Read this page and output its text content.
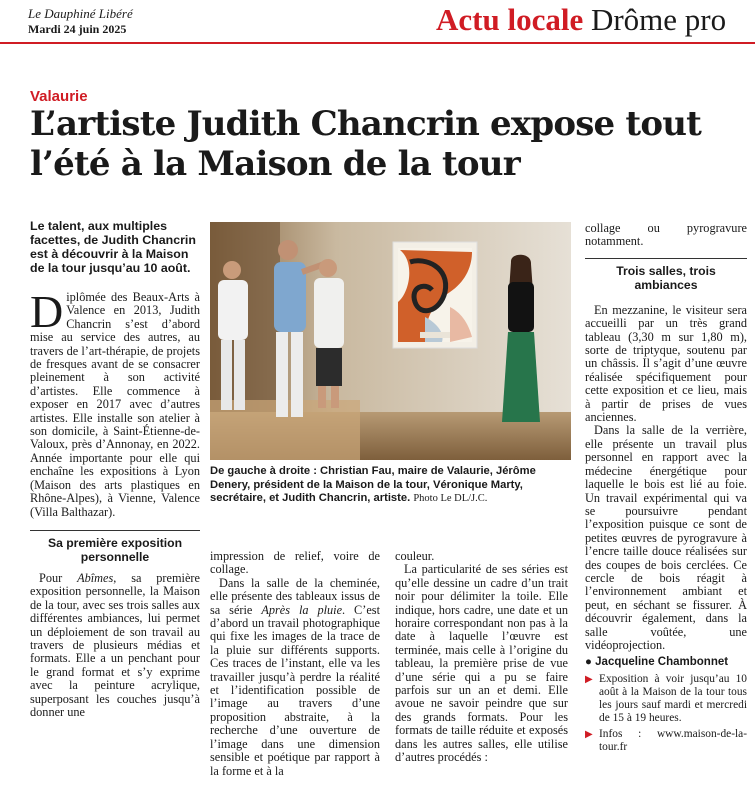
Le Dauphiné Libéré
Mardi 24 juin 2025	Actu locale Drôme pro
Valaurie
L’artiste Judith Chancrin expose tout l’été à la Maison de la tour
Le talent, aux multiples facettes, de Judith Chancrin est à découvrir à la Maison de la tour jusqu’au 10 août.

Diplômée des Beaux-Arts à Valence en 2013, Judith Chancrin s’est d’abord mise au service des autres, au travers de l’art-thérapie, de projets de fresques avant de se consacrer pleinement à son activité d’artistes. Elle commence à exposer en 2017 avec d’autres artistes. Elle installe son atelier à son domicile, à Saint-Étienne-de-Valoux, près d’Annonay, en 2022. Année importante pour elle qui enchaîne les expositions à Lyon (Maison des arts plastiques en Rhône-Alpes), à Vienne, Valence (Villa Balthazar).

Sa première exposition personnelle

Pour Abîmes, sa première exposition personnelle, la Maison de la tour, avec ses trois salles aux différentes ambiances, lui permet un déploiement de son travail au travers de plusieurs médias et formats. Elle a un penchant pour le grand format et s’y exprime avec la peinture acrylique, superposant les couches jusqu’à donner une

De gauche à droite : Christian Fau, maire de Valaurie, Jérôme Denery, président de la Maison de la tour, Véronique Marty, secrétaire, et Judith Chancrin, artiste. Photo Le DL/J.C.

impression de relief, voire de collage.

Dans la salle de la cheminée, elle présente des tableaux issus de sa série Après la pluie. C’est d’abord un travail photographique qui fixe les images de la trace de la pluie sur différents supports. Ces traces de l’instant, elle va les travailler jusqu’à perdre la réalité et l’identification possible de l’image au travers d’une proposition abstraite, à la recherche d’une ouverture de l’image dans une dimension sensible et poétique par rapport à la forme et à la

couleur.

La particularité de ses séries est qu’elle dessine un cadre d’un trait noir pour délimiter la toile. Elle indique, hors cadre, une date et un horaire correspondant non pas à la date à laquelle l’œuvre est terminée, mais celle à l’origine du tableau, la première prise de vue d’une série qui a pu se faire parfois sur un an et demi. Elle avoue ne savoir peindre que sur des grands formats. Pour les formats de taille réduite et exposés dans les autres salles, elle utilise d’autres procédés :

collage ou pyrogravure notamment.

Trois salles, trois ambiances

En mezzanine, le visiteur sera accueilli par un très grand tableau (3,30 m sur 1,80 m), sorte de triptyque, soutenu par un châssis. Il s’agit d’une œuvre réalisée spécifiquement pour cette exposition et ce lieu, mais à partir de prises de vues anciennes.

Dans la salle de la verrière, elle présente un travail plus personnel en rapport avec la médecine énergétique pour laquelle le bois est lié au foie. Un travail expérimental qui va se poursuivre pendant l’exposition puisque ce sont de petites œuvres de pyrogravure à l’encre taille douce réalisées sur des coupes de bois cerclées. Ce cercle de bois réagit à l’environnement ambiant et peut, en séchant se fissurer. À découvrir également, dans la salle voûtée, une vidéoprojection.

● Jacqueline Chambonnet
▶ Exposition à voir jusqu’au 10 août à la Maison de la tour tous les jours sauf mardi et mercredi de 15 à 19 heures.
▶ Infos : www.maison-de-la-tour.fr
